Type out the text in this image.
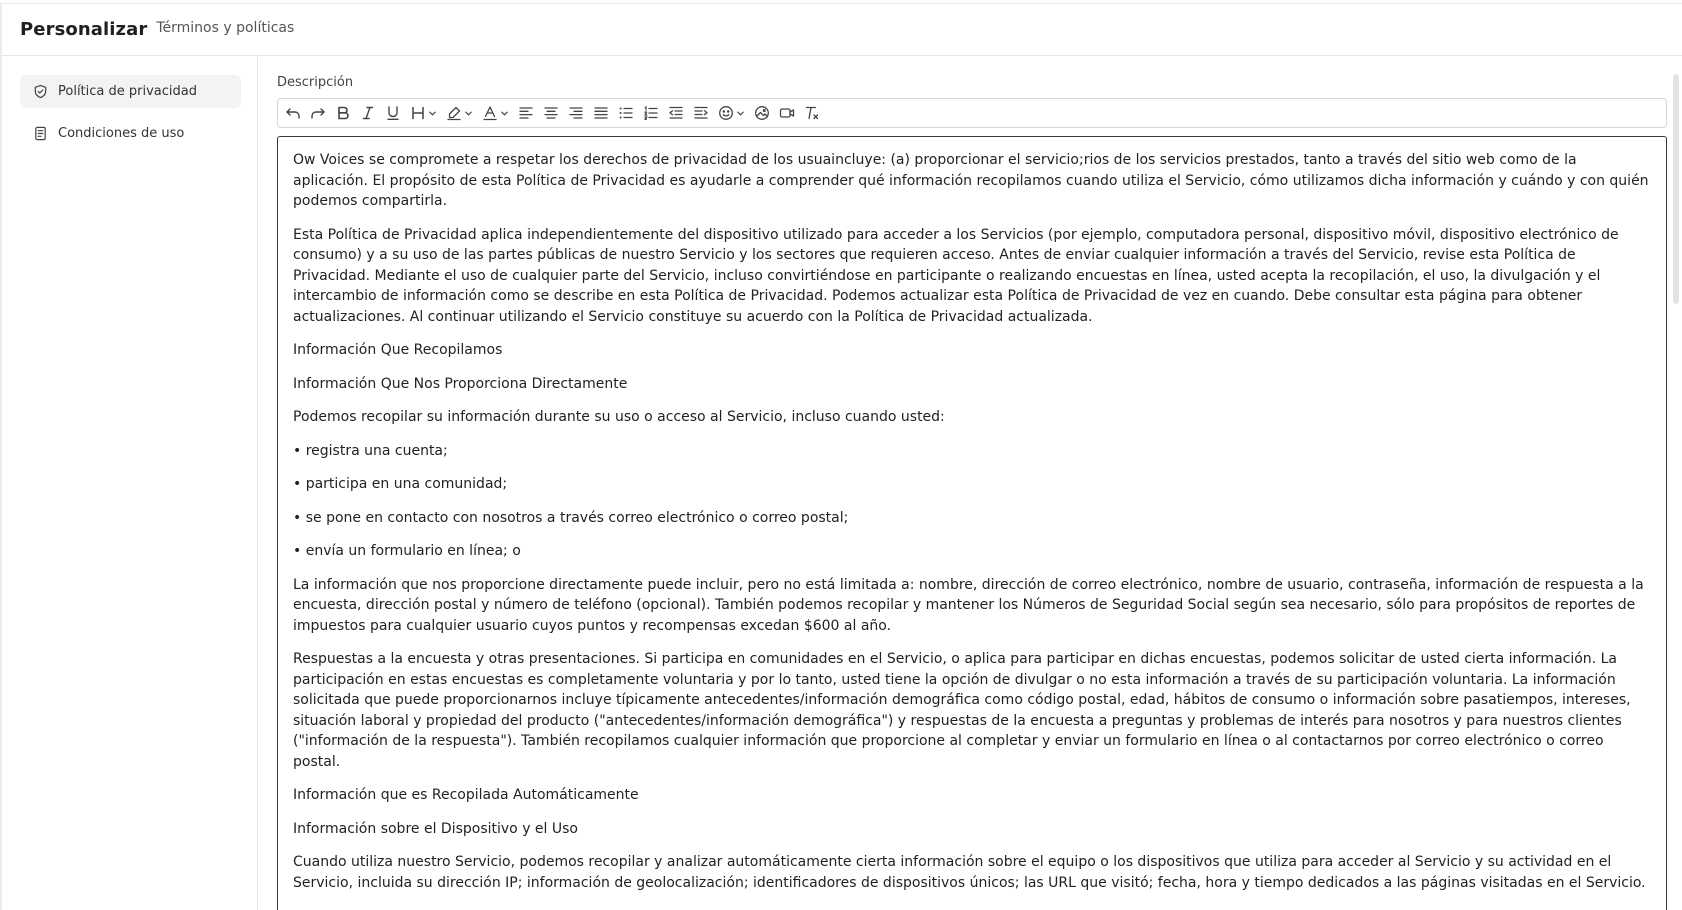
Personalizar Términos y políticas
Política de privacidad
Condiciones de uso
Descripción

Ow Voices se compromete a respetar los derechos de privacidad de los usuaincluye: (a) proporcionar el servicio;rios de los servicios prestados, tanto a través del sitio web como de la aplicación. El propósito de esta Política de Privacidad es ayudarle a comprender qué información recopilamos cuando utiliza el Servicio, cómo utilizamos dicha información y cuándo y con quién podemos compartirla.

Esta Política de Privacidad aplica independientemente del dispositivo utilizado para acceder a los Servicios (por ejemplo, computadora personal, dispositivo móvil, dispositivo electrónico de consumo) y a su uso de las partes públicas de nuestro Servicio y los sectores que requieren acceso. Antes de enviar cualquier información a través del Servicio, revise esta Política de Privacidad. Mediante el uso de cualquier parte del Servicio, incluso convirtiéndose en participante o realizando encuestas en línea, usted acepta la recopilación, el uso, la divulgación y el intercambio de información como se describe en esta Política de Privacidad. Podemos actualizar esta Política de Privacidad de vez en cuando. Debe consultar esta página para obtener actualizaciones. Al continuar utilizando el Servicio constituye su acuerdo con la Política de Privacidad actualizada.

Información Que Recopilamos

Información Que Nos Proporciona Directamente

Podemos recopilar su información durante su uso o acceso al Servicio, incluso cuando usted:

• registra una cuenta;

• participa en una comunidad;

• se pone en contacto con nosotros a través correo electrónico o correo postal;

• envía un formulario en línea; o

La información que nos proporcione directamente puede incluir, pero no está limitada a: nombre, dirección de correo electrónico, nombre de usuario, contraseña, información de respuesta a la encuesta, dirección postal y número de teléfono (opcional). También podemos recopilar y mantener los Números de Seguridad Social según sea necesario, sólo para propósitos de reportes de impuestos para cualquier usuario cuyos puntos y recompensas excedan $600 al año.

Respuestas a la encuesta y otras presentaciones. Si participa en comunidades en el Servicio, o aplica para participar en dichas encuestas, podemos solicitar de usted cierta información. La participación en estas encuestas es completamente voluntaria y por lo tanto, usted tiene la opción de divulgar o no esta información a través de su participación voluntaria. La información solicitada que puede proporcionarnos incluye típicamente antecedentes/información demográfica como código postal, edad, hábitos de consumo o información sobre pasatiempos, intereses, situación laboral y propiedad del producto ("antecedentes/información demográfica") y respuestas de la encuesta a preguntas y problemas de interés para nosotros y para nuestros clientes ("información de la respuesta"). También recopilamos cualquier información que proporcione al completar y enviar un formulario en línea o al contactarnos por correo electrónico o correo postal.

Información que es Recopilada Automáticamente

Información sobre el Dispositivo y el Uso

Cuando utiliza nuestro Servicio, podemos recopilar y analizar automáticamente cierta información sobre el equipo o los dispositivos que utiliza para acceder al Servicio y su actividad en el Servicio, incluida su dirección IP; información de geolocalización; identificadores de dispositivos únicos; las URL que visitó; fecha, hora y tiempo dedicados a las páginas visitadas en el Servicio.
